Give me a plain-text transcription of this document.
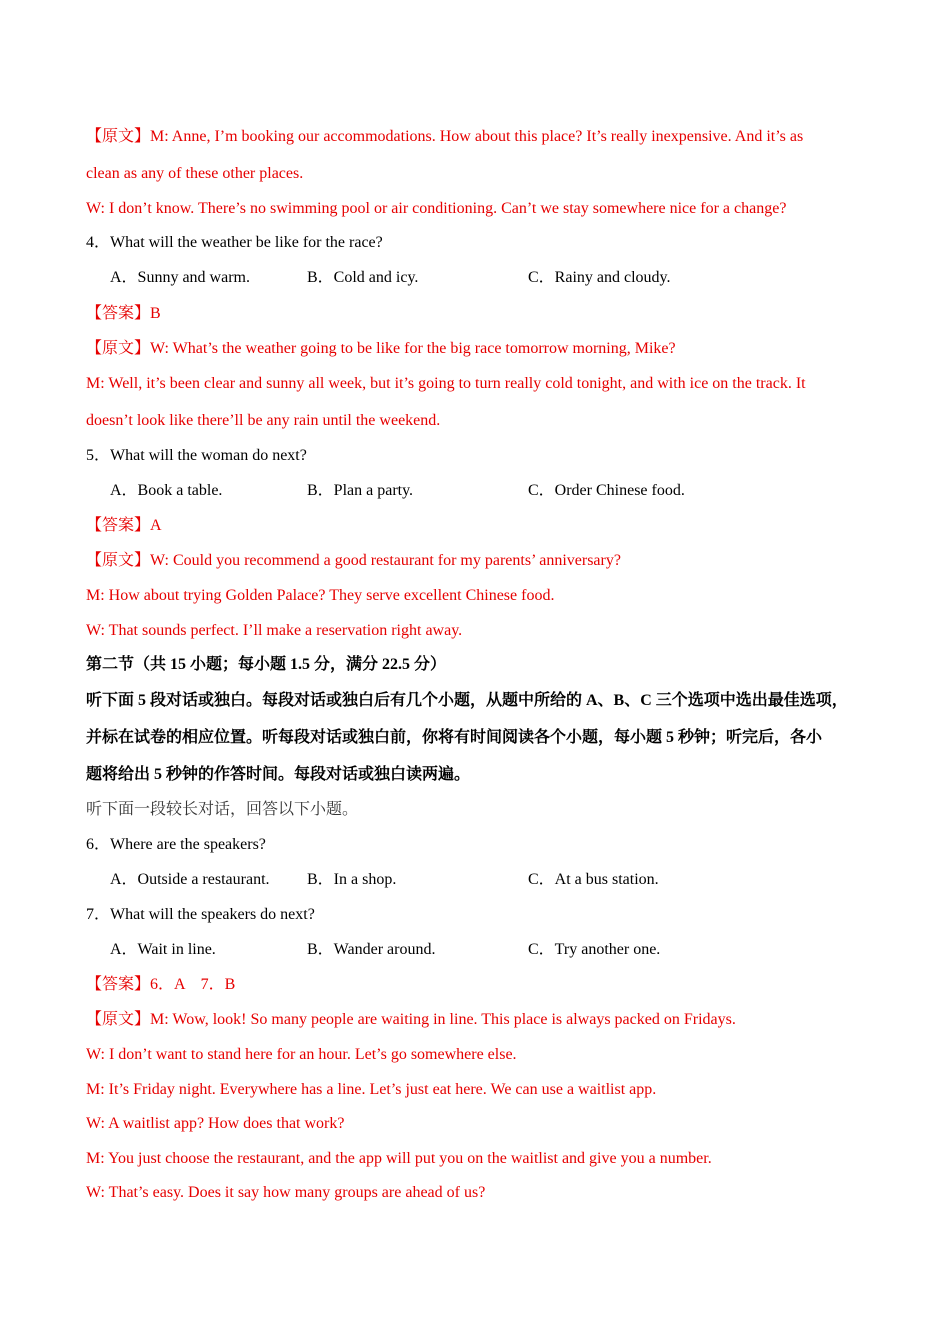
【原文】M: Anne, I’m booking our accommodations. How about this place? It’s really inexpensive. And it’s as
clean as any of these other places.
W: I don’t know. There’s no swimming pool or air conditioning. Can’t we stay somewhere nice for a change?
4．What will the weather be like for the race?
A．Sunny and warm.	B．Cold and icy.	C．Rainy and cloudy.
【答案】B
【原文】W: What’s the weather going to be like for the big race tomorrow morning, Mike?
M: Well, it’s been clear and sunny all week, but it’s going to turn really cold tonight, and with ice on the track. It
doesn’t look like there’ll be any rain until the weekend.
5．What will the woman do next?
A．Book a table.	B．Plan a party.	C．Order Chinese food.
【答案】A
【原文】W: Could you recommend a good restaurant for my parents’ anniversary?
M: How about trying Golden Palace? They serve excellent Chinese food.
W: That sounds perfect. I’ll make a reservation right away.
第二节（共 15 小题；每小题 1.5 分，满分 22.5 分）
听下面 5 段对话或独白。每段对话或独白后有几个小题，从题中所给的 A、B、C 三个选项中选出最佳选项，
并标在试卷的相应位置。听每段对话或独白前，你将有时间阅读各个小题，每小题 5 秒钟；听完后，各小
题将给出 5 秒钟的作答时间。每段对话或独白读两遍。
听下面一段较长对话，回答以下小题。
6．Where are the speakers?
A．Outside a restaurant. B．In a shop.	C．At a bus station.
7．What will the speakers do next?
A．Wait in line.	B．Wander around.	C．Try another one.
【答案】6．A　7．B
【原文】M: Wow, look! So many people are waiting in line. This place is always packed on Fridays.
W: I don’t want to stand here for an hour. Let’s go somewhere else.
M: It’s Friday night. Everywhere has a line. Let’s just eat here. We can use a waitlist app.
W: A waitlist app? How does that work?
M: You just choose the restaurant, and the app will put you on the waitlist and give you a number.
W: That’s easy. Does it say how many groups are ahead of us?
